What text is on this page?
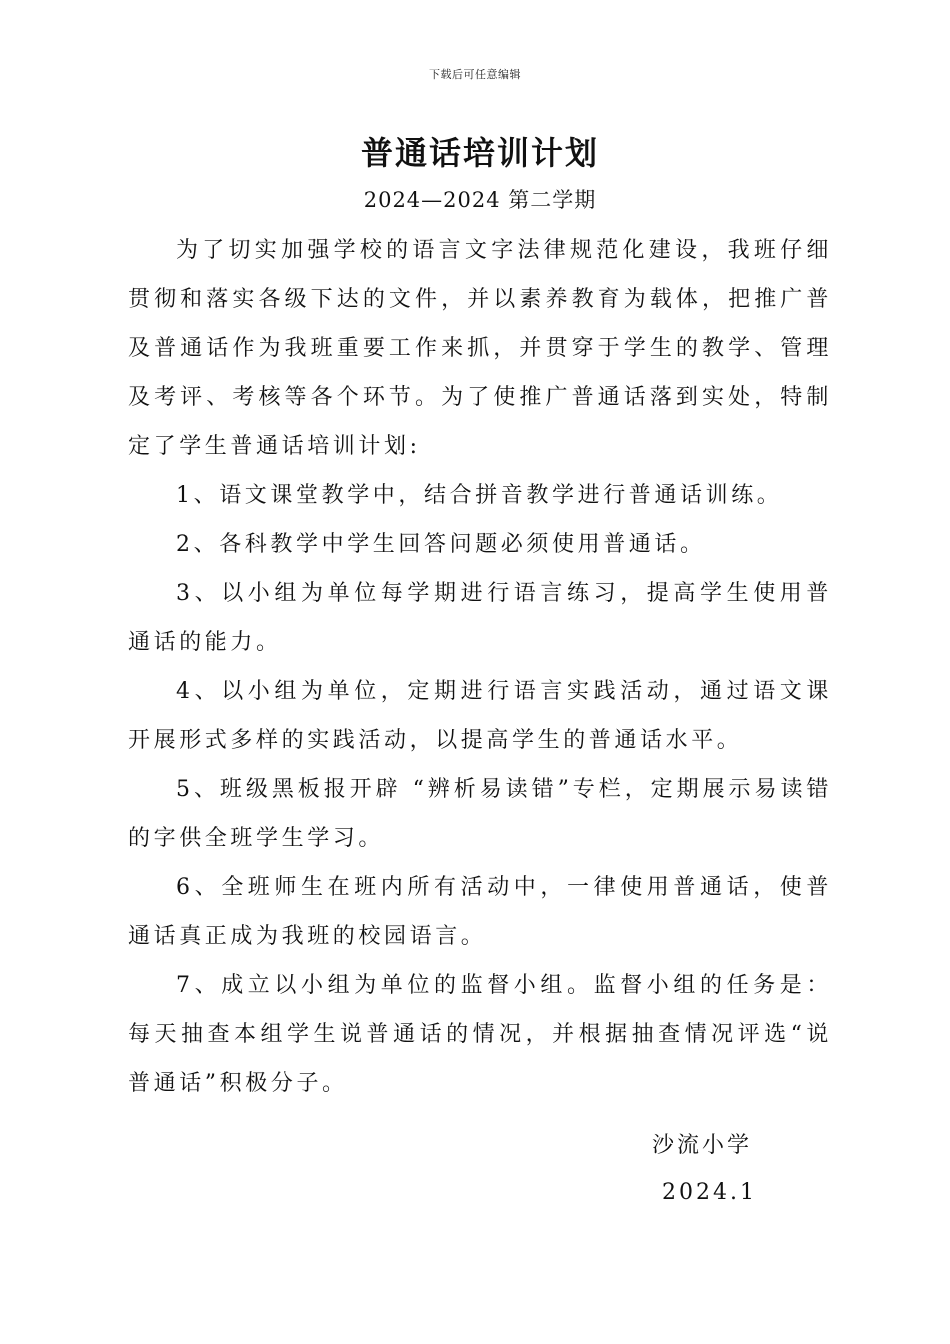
下载后可任意编辑
普通话培训计划
2024—2024 第二学期

为了切实加强学校的语言文字法律规范化建设，我班仔细贯彻和落实各级下达的文件，并以素养教育为载体，把推广普及普通话作为我班重要工作来抓，并贯穿于学生的教学、管理及考评、考核等各个环节。为了使推广普通话落到实处，特制定了学生普通话培训计划:

1、语文课堂教学中，结合拼音教学进行普通话训练。

2、各科教学中学生回答问题必须使用普通话。

3、以小组为单位每学期进行语言练习，提高学生使用普通话的能力。

4、以小组为单位，定期进行语言实践活动，通过语文课开展形式多样的实践活动，以提高学生的普通话水平。

5、班级黑板报开辟 “辨析易读错”专栏，定期展示易读错的字供全班学生学习。

6、全班师生在班内所有活动中，一律使用普通话，使普通话真正成为我班的校园语言。

7、成立以小组为单位的监督小组。监督小组的任务是：每天抽查本组学生说普通话的情况，并根据抽查情况评选“说普通话”积极分子。

沙流小学
2024.1
